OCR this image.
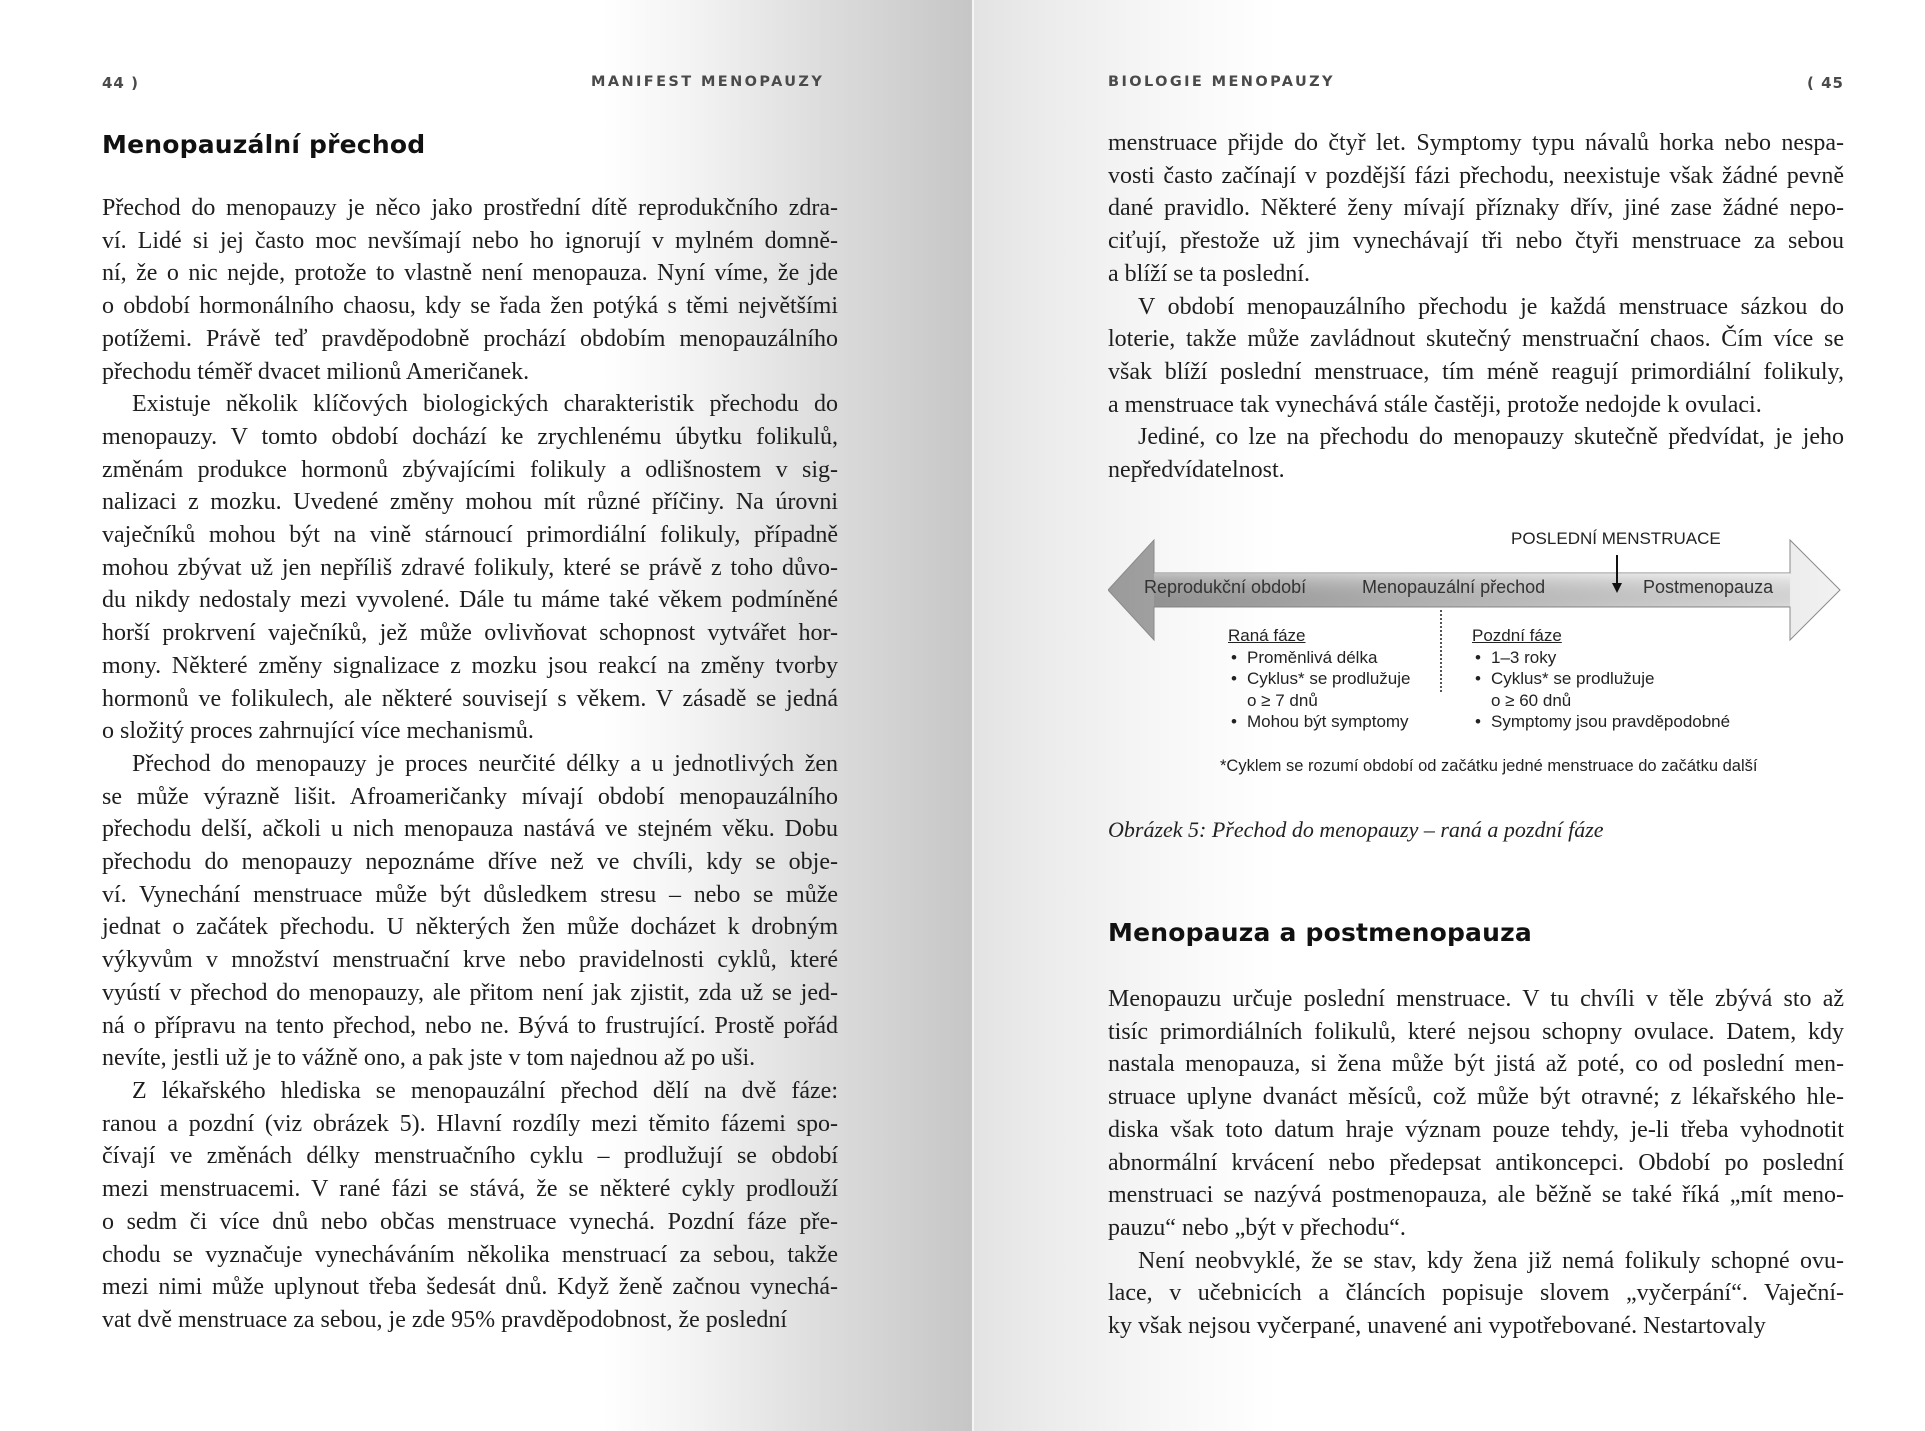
44 )	MANIFEST MENOPAUZY
Menopauzální přechod

Přechod do menopauzy je něco jako prostřední dítě reprodukčního zdra-
ví. Lidé si jej často moc nevšímají nebo ho ignorují v mylném domně-
ní, že o nic nejde, protože to vlastně není menopauza. Nyní víme, že jde
o období hormonálního chaosu, kdy se řada žen potýká s těmi největšími
potížemi. Právě teď pravděpodobně prochází obdobím menopauzálního
přechodu téměř dvacet milionů Američanek.

Existuje několik klíčových biologických charakteristik přechodu do
menopauzy. V tomto období dochází ke zrychlenému úbytku folikulů,
změnám produkce hormonů zbývajícími folikuly a odlišnostem v sig-
nalizaci z mozku. Uvedené změny mohou mít různé příčiny. Na úrovni
vaječníků mohou být na vině stárnoucí primordiální folikuly, případně
mohou zbývat už jen nepříliš zdravé folikuly, které se právě z toho důvo-
du nikdy nedostaly mezi vyvolené. Dále tu máme také věkem podmíněné
horší prokrvení vaječníků, jež může ovlivňovat schopnost vytvářet hor-
mony. Některé změny signalizace z mozku jsou reakcí na změny tvorby
hormonů ve folikulech, ale některé souvisejí s věkem. V zásadě se jedná
o složitý proces zahrnující více mechanismů.

Přechod do menopauzy je proces neurčité délky a u jednotlivých žen
se může výrazně lišit. Afroameričanky mívají období menopauzálního
přechodu delší, ačkoli u nich menopauza nastává ve stejném věku. Dobu
přechodu do menopauzy nepoznáme dříve než ve chvíli, kdy se obje-
ví. Vynechání menstruace může být důsledkem stresu – nebo se může
jednat o začátek přechodu. U některých žen může docházet k drobným
výkyvům v množství menstruační krve nebo pravidelnosti cyklů, které
vyústí v přechod do menopauzy, ale přitom není jak zjistit, zda už se jed-
ná o přípravu na tento přechod, nebo ne. Bývá to frustrující. Prostě pořád
nevíte, jestli už je to vážně ono, a pak jste v tom najednou až po uši.

Z lékařského hlediska se menopauzální přechod dělí na dvě fáze:
ranou a pozdní (viz obrázek 5). Hlavní rozdíly mezi těmito fázemi spo-
čívají ve změnách délky menstruačního cyklu – prodlužují se období
mezi menstruacemi. V rané fázi se stává, že se některé cykly prodlouží
o sedm či více dnů nebo občas menstruace vynechá. Pozdní fáze pře-
chodu se vyznačuje vynecháváním několika menstruací za sebou, takže
mezi nimi může uplynout třeba šedesát dnů. Když ženě začnou vynechá-
vat dvě menstruace za sebou, je zde 95% pravděpodobnost, že poslední

BIOLOGIE MENOPAUZY	( 45

menstruace přijde do čtyř let. Symptomy typu návalů horka nebo nespa-
vosti často začínají v pozdější fázi přechodu, neexistuje však žádné pevně
dané pravidlo. Některé ženy mívají příznaky dřív, jiné zase žádné nepo-
ciťují, přestože už jim vynechávají tři nebo čtyři menstruace za sebou
a blíží se ta poslední.

V období menopauzálního přechodu je každá menstruace sázkou do
loterie, takže může zavládnout skutečný menstruační chaos. Čím více se
však blíží poslední menstruace, tím méně reagují primordiální folikuly,
a menstruace tak vynechává stále častěji, protože nedojde k ovulaci.

Jediné, co lze na přechodu do menopauzy skutečně předvídat, je jeho
nepředvídatelnost.

POSLEDNÍ MENSTRUACE
Reprodukční období	Menopauzální přechod	Postmenopauza
Raná fáze
• Proměnlivá délka
• Cyklus* se prodlužuje
o ≥ 7 dnů
• Mohou být symptomy
Pozdní fáze
• 1–3 roky
• Cyklus* se prodlužuje
o ≥ 60 dnů
• Symptomy jsou pravděpodobné
*Cyklem se rozumí období od začátku jedné menstruace do začátku další
Obrázek 5: Přechod do menopauzy – raná a pozdní fáze
Menopauza a postmenopauza

Menopauzu určuje poslední menstruace. V tu chvíli v těle zbývá sto až
tisíc primordiálních folikulů, které nejsou schopny ovulace. Datem, kdy
nastala menopauza, si žena může být jistá až poté, co od poslední men-
struace uplyne dvanáct měsíců, což může být otravné; z lékařského hle-
diska však toto datum hraje význam pouze tehdy, je-li třeba vyhodnotit
abnormální krvácení nebo předepsat antikoncepci. Období po poslední
menstruaci se nazývá postmenopauza, ale běžně se také říká „mít meno-
pauzu“ nebo „být v přechodu“.

Není neobvyklé, že se stav, kdy žena již nemá folikuly schopné ovu-
lace, v učebnicích a článcích popisuje slovem „vyčerpání“. Vaječní-
ky však nejsou vyčerpané, unavené ani vypotřebované. Nestartovaly
